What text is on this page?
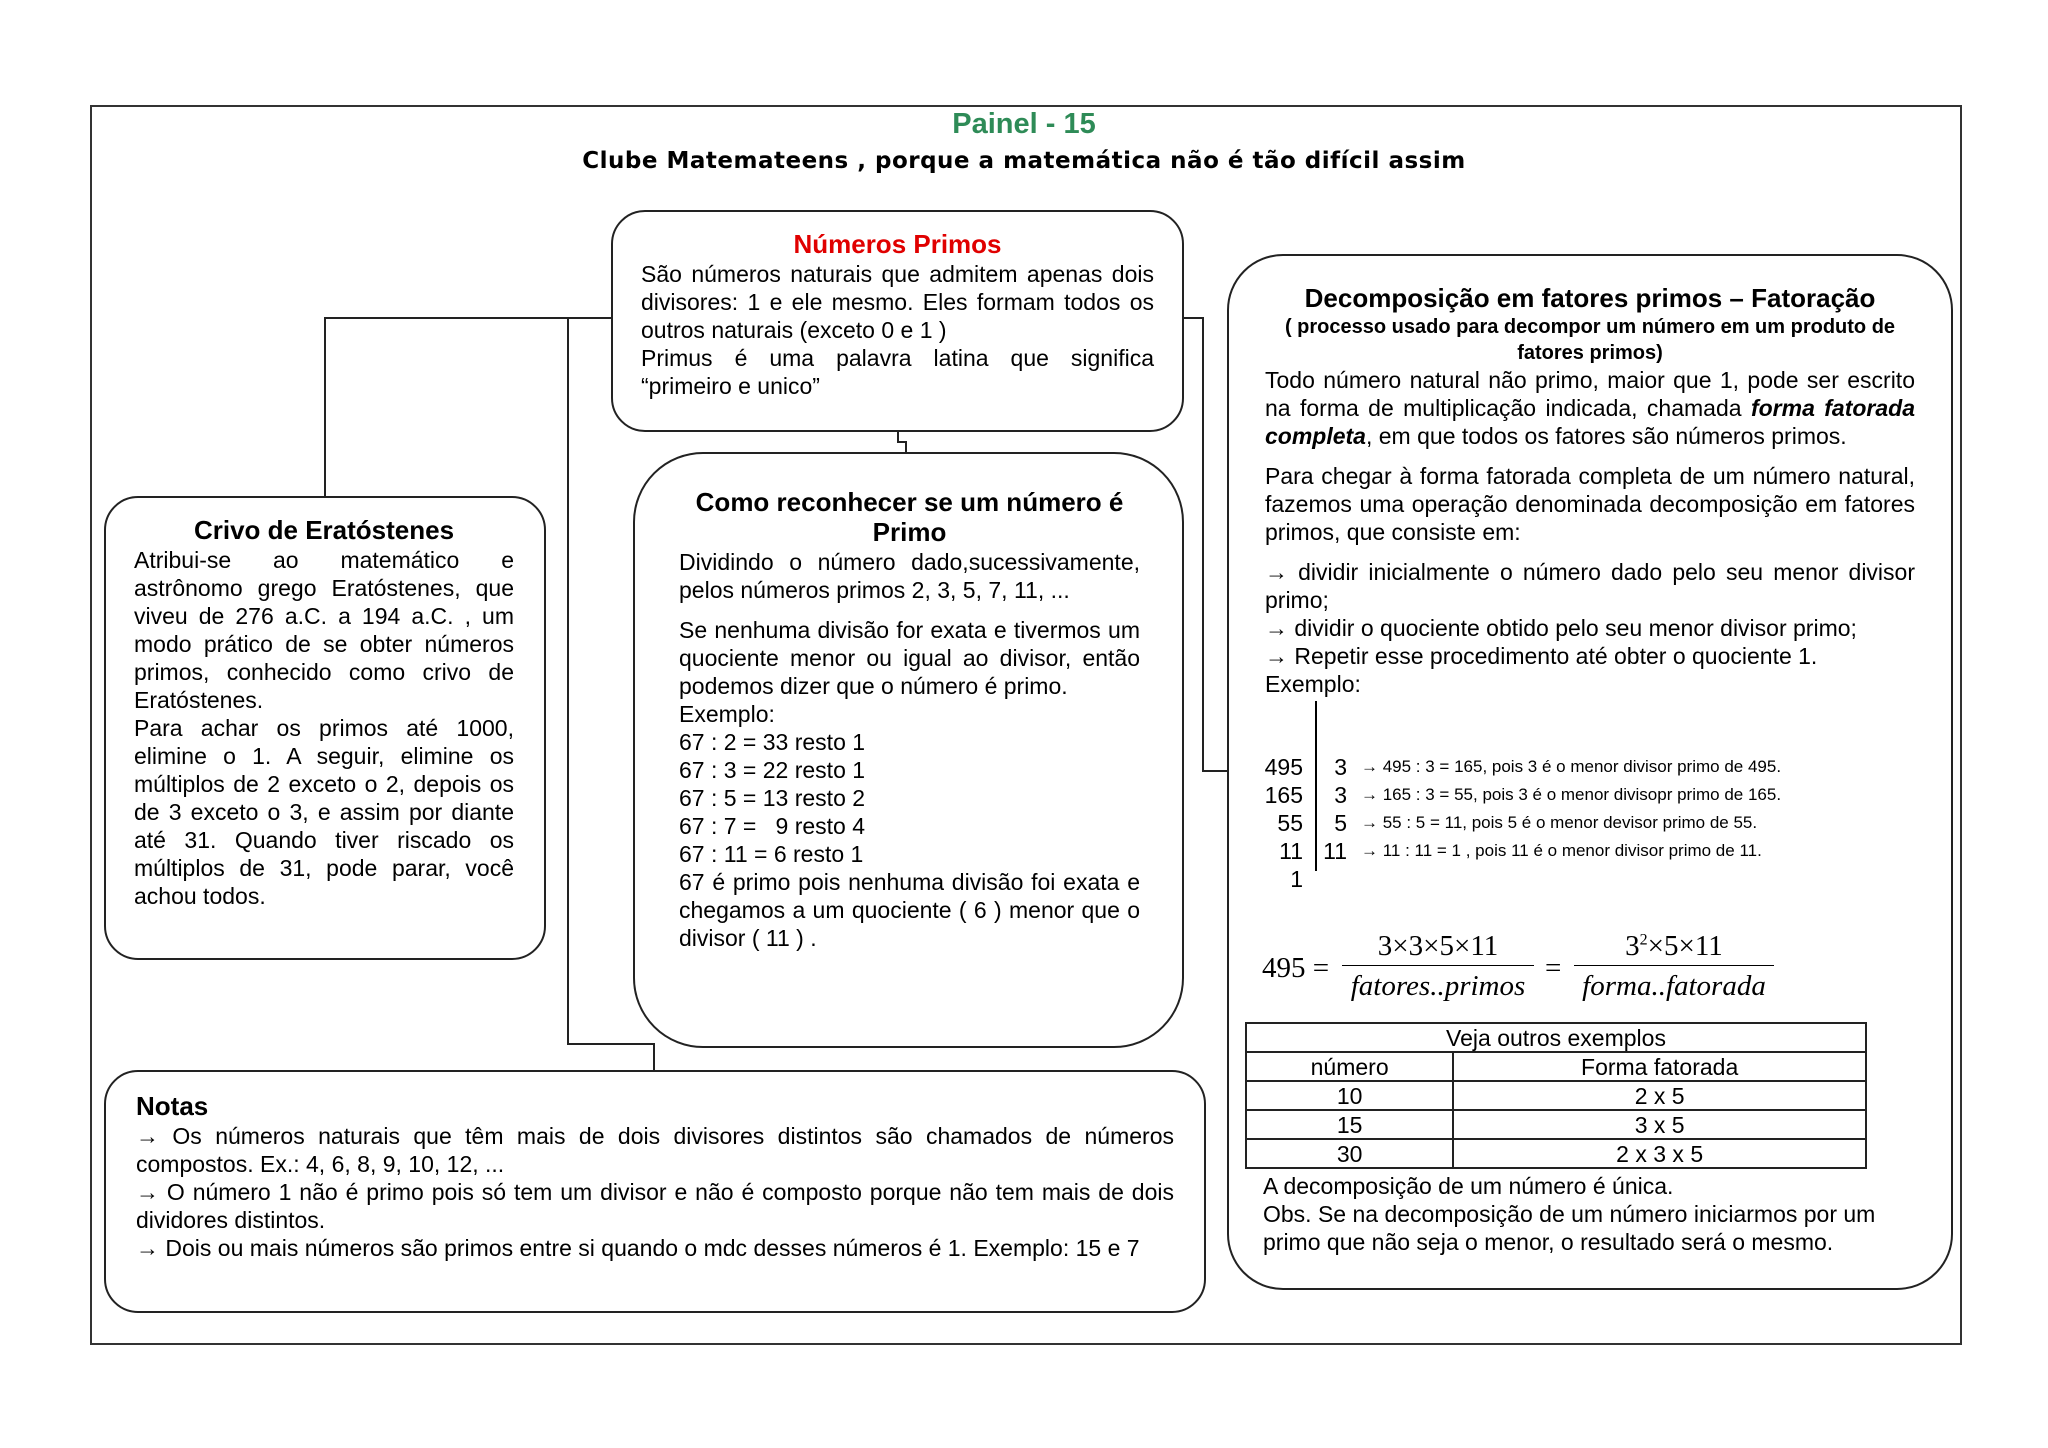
Painel - 15
Clube Matemateens , porque a matemática não é tão difícil assim
Números Primos

São números naturais que admitem apenas dois divisores: 1 e ele mesmo. Eles formam todos os outros naturais (exceto 0 e 1 )

Primus é uma palavra latina que significa “primeiro e unico”

Crivo de Eratóstenes

Atribui-se ao matemático e astrônomo grego Eratóstenes, que viveu de 276 a.C. a 194 a.C. , um modo prático de se obter números primos, conhecido como crivo de Eratóstenes.

Para achar os primos até 1000, elimine o 1. A seguir, elimine os múltiplos de 2 exceto o 2, depois os de 3 exceto o 3, e assim por diante até 31. Quando tiver riscado os múltiplos de 31, pode parar, você achou todos.

Como reconhecer se um número é Primo

Dividindo o número dado,sucessivamente, pelos números primos 2, 3, 5, 7, 11, ...

Se nenhuma divisão for exata e tivermos um quociente menor ou igual ao divisor, então podemos dizer que o número é primo.

Exemplo:

67 : 2 = 33 resto 1

67 : 3 = 22 resto 1

67 : 5 = 13 resto 2

67 : 7 =   9 resto 4

67 : 11 = 6 resto 1

67 é primo pois nenhuma divisão foi exata e chegamos a um quociente ( 6 ) menor que o divisor ( 11 ) .

Notas

→ Os números naturais que têm mais de dois divisores distintos são chamados de números compostos. Ex.: 4, 6, 8, 9, 10, 12, ...

→ O número 1 não é primo pois só tem um divisor e não é composto porque não tem mais de dois dividores distintos.

→ Dois ou mais números são primos entre si quando o mdc desses números é 1. Exemplo: 15 e 7

Decomposição em fatores primos – Fatoração

( processo usado para decompor um número em um produto de fatores primos)

Todo número natural não primo, maior que 1, pode ser escrito na forma de multiplicação indicada, chamada forma fatorada completa, em que todos os fatores são números primos.

Para chegar à forma fatorada completa de um número natural, fazemos uma operação denominada decomposição em fatores primos, que consiste em:

→ dividir inicialmente o número dado pelo seu menor divisor primo;

→ dividir o quociente obtido pelo seu menor divisor primo;

→ Repetir esse procedimento até obter o quociente 1.

Exemplo:

495	3 → 495 : 3 = 165, pois 3 é o menor divisor primo de 495.
165	3 → 165 : 3 = 55, pois 3 é o menor divisopr primo de 165.
55	5 → 55 : 5 = 11, pois 5 é o menor devisor primo de 55.
11 11 → 11 : 11 = 1 , pois 11 é o menor divisor primo de 11.
1
495 =
3×3×5×11
fatores..primos
=
$3^2\times 5\times 11$
forma..fatorada
Veja outros exemplos	
número	Forma fatorada
10	2 x 5
15	3 x 5
30	2 x 3 x 5

A decomposição de um número é única.

Obs. Se na decomposição de um número iniciarmos por um primo que não seja o menor, o resultado será o mesmo.
